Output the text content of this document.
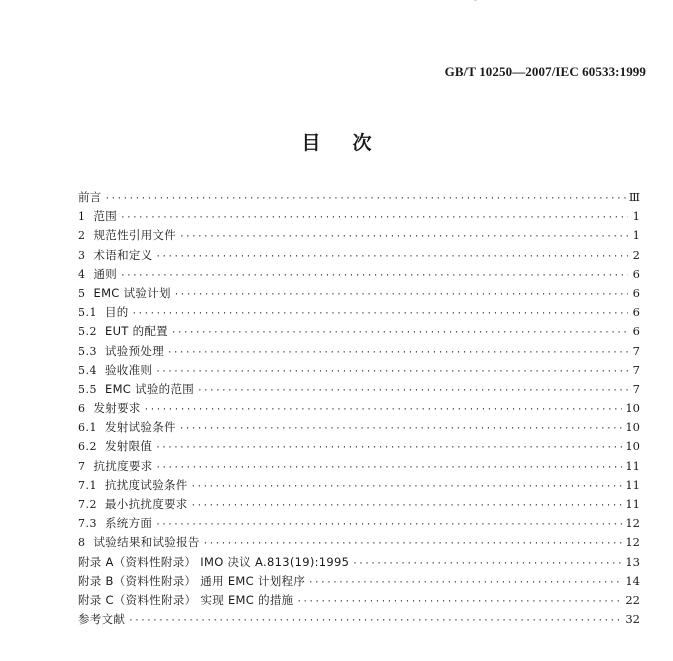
GB/T 10250—2007/IEC 60533:1999
目 次
前言 ·····	Ⅲ
1 范围 ·····	1
2 规范性引用文件 ·····	1
3 术语和定义 ·····	2
4 通则 ·····	6
5 EMC 试验计划 ·····	6
5.1 目的 ·····	6
5.2 EUT 的配置 ·····	6
5.3 试验预处理 ·····	7
5.4 验收准则 ·····	7
5.5 EMC 试验的范围 ·····	7
6 发射要求 ·····	10
6.1 发射试验条件 ·····	10
6.2 发射限值 ·····	10
7 抗扰度要求 ·····	11
7.1 抗扰度试验条件 ·····	11
7.2 最小抗扰度要求 ·····	11
7.3 系统方面 ·····	12
8 试验结果和试验报告 ·····	12
附录 A（资料性附录） IMO 决议 A.813(19):1995 ·····	13
附录 B（资料性附录） 通用 EMC 计划程序 ·····	14
附录 C（资料性附录） 实现 EMC 的措施 ·····	22
参考文献 ·····	32
